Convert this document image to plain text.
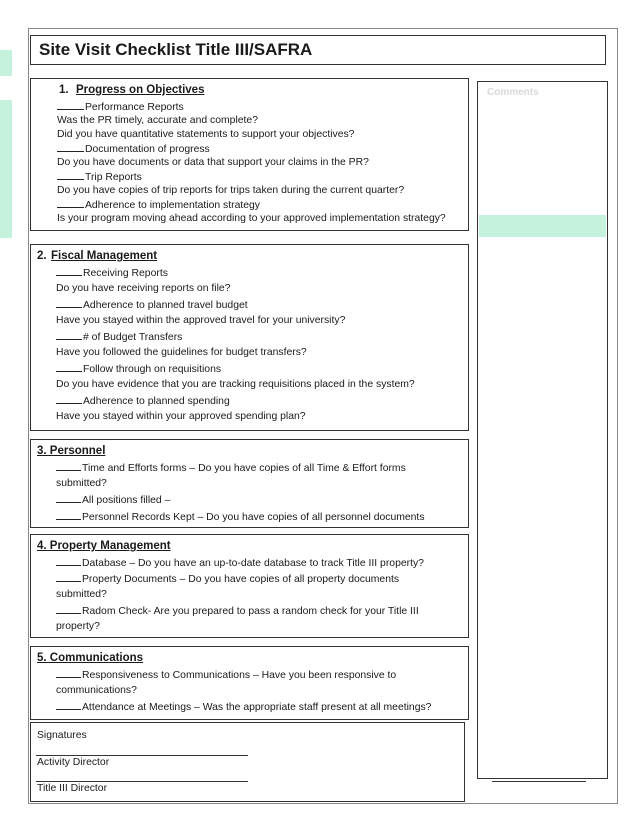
Site Visit Checklist Title III/SAFRA
Comments
1. Progress on Objectives
Performance Reports
Was the PR timely, accurate and complete?
Did you have quantitative statements to support your objectives?
Documentation of progress
Do you have documents or data that support your claims in the PR?
Trip Reports
Do you have copies of trip reports for trips taken during the current quarter?
Adherence to implementation strategy
Is your program moving ahead according to your approved implementation strategy?
2. Fiscal Management
Receiving Reports
Do you have receiving reports on file?
Adherence to planned travel budget
Have you stayed within the approved travel for your university?
# of Budget Transfers
Have you followed the guidelines for budget transfers?
Follow through on requisitions
Do you have evidence that you are tracking requisitions placed in the system?
Adherence to planned spending
Have you stayed within your approved spending plan?
3. Personnel
Time and Efforts forms – Do you have copies of all Time & Effort forms
submitted?
All positions filled –
Personnel Records Kept – Do you have copies of all personnel documents
4. Property Management
Database – Do you have an up-to-date database to track Title III property?
Property Documents – Do you have copies of all property documents
submitted?
Radom Check- Are you prepared to pass a random check for your Title III
property?
5. Communications
Responsiveness to Communications – Have you been responsive to
communications?
Attendance at Meetings – Was the appropriate staff present at all meetings?
Signatures
Activity Director
Title III Director
